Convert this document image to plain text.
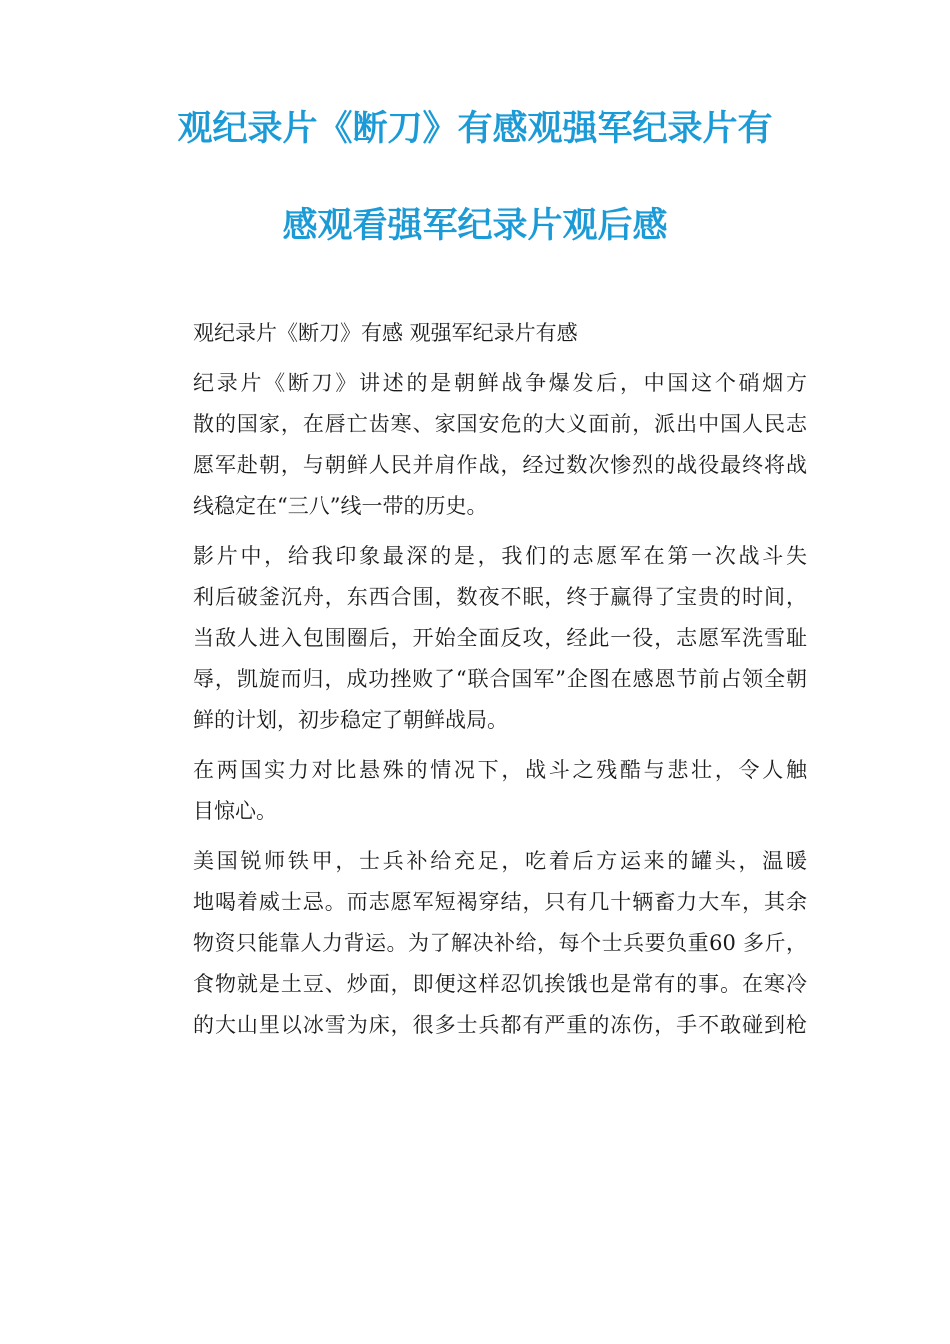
观纪录片《断刀》有感观强军纪录片有
感观看强军纪录片观后感

观纪录片《断刀》有感 观强军纪录片有感

纪录片《断刀》讲述的是朝鲜战争爆发后，中国这个硝烟方
散的国家，在唇亡齿寒、家国安危的大义面前，派出中国人民志
愿军赴朝，与朝鲜人民并肩作战，经过数次惨烈的战役最终将战
线稳定在“三八”线一带的历史。

影片中，给我印象最深的是，我们的志愿军在第一次战斗失
利后破釜沉舟，东西合围，数夜不眠，终于赢得了宝贵的时间，
当敌人进入包围圈后，开始全面反攻，经此一役，志愿军洗雪耻
辱，凯旋而归，成功挫败了“联合国军”企图在感恩节前占领全朝
鲜的计划，初步稳定了朝鲜战局。

在两国实力对比悬殊的情况下，战斗之残酷与悲壮，令人触
目惊心。

美国锐师铁甲，士兵补给充足，吃着后方运来的罐头，温暖
地喝着威士忌。而志愿军短褐穿结，只有几十辆畜力大车，其余
物资只能靠人力背运。为了解决补给，每个士兵要负重60 多斤，
食物就是土豆、炒面，即便这样忍饥挨饿也是常有的事。在寒冷
的大山里以冰雪为床，很多士兵都有严重的冻伤，手不敢碰到枪
